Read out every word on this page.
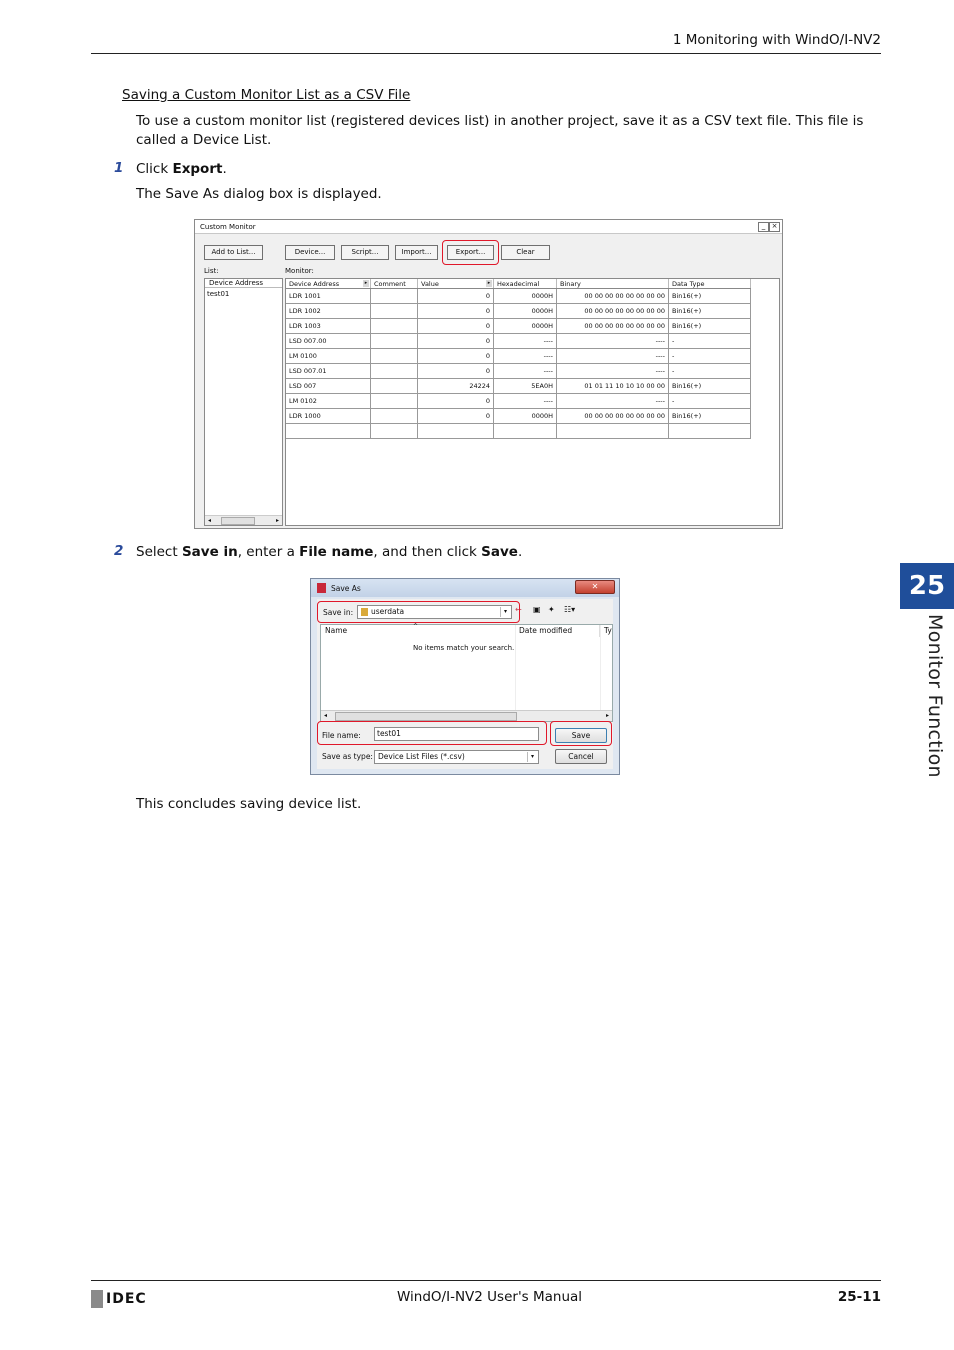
1 Monitoring with WindO/I-NV2
Saving a Custom Monitor List as a CSV File
To use a custom monitor list (registered devices list) in another project, save it as a CSV text file. This file is called a Device List.
1 Click Export.
The Save As dialog box is displayed.
Custom Monitor	_ ×
Add to List...	Device...	Script...	Import...	Export...	Clear
List:	Monitor:
Device Address
test01
◂	▸
Device Address ▸	Comment	Value ▸	Hexadecimal	Binary	Data Type
LDR 1001		0	0000H	00 00 00 00 00 00 00 00	Bin16(+)
LDR 1002		0	0000H	00 00 00 00 00 00 00 00	Bin16(+)
LDR 1003		0	0000H	00 00 00 00 00 00 00 00	Bin16(+)
LSD 007.00		0	----	----	-
LM 0100		0	----	----	-
LSD 007.01		0	----	----	-
LSD 007		24224	5EA0H	01 01 11 10 10 10 00 00	Bin16(+)
LM 0102		0	----	----	-
LDR 1000		0	0000H	00 00 00 00 00 00 00 00	Bin16(+)

2 Select Save in, enter a File name, and then click Save.
Save As	✕
Save in:	userdata	▾	← ▣ ✦ ☷▾
Name	^	Date modified	Ty
No items match your search.
◂	▸
File name:	test01	Save
Save as type: Device List Files (*.csv)	▾	Cancel
This concludes saving device list.
25
Monitor Function
IDEC	WindO/I-NV2 User's Manual	25-11
